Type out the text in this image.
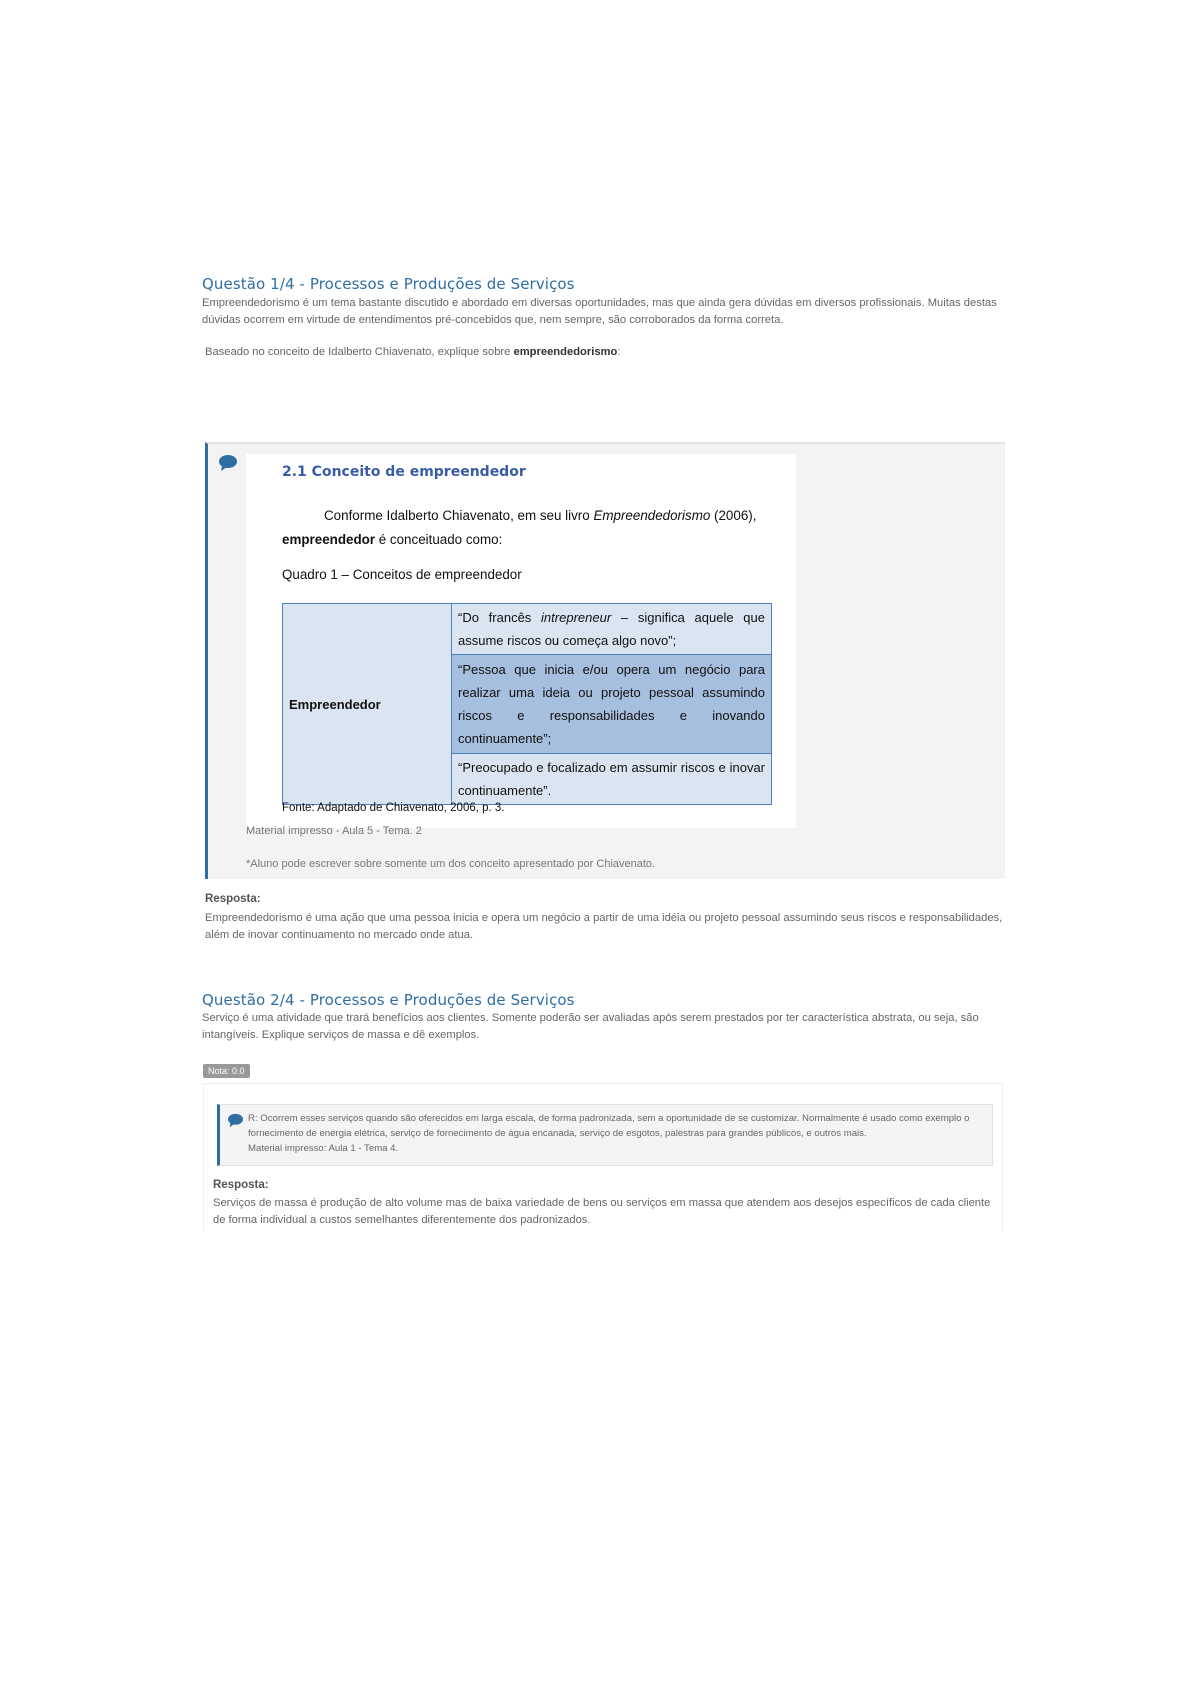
Questão 1/4 - Processos e Produções de Serviços
Empreendedorismo é um tema bastante discutido e abordado em diversas oportunidades, mas que ainda gera dúvidas em diversos profissionais. Muitas destas dúvidas ocorrem em virtude de entendimentos pré-concebidos que, nem sempre, são corroborados da forma correta.
Baseado no conceito de Idalberto Chiavenato, explique sobre empreendedorismo:
2.1 Conceito de empreendedor
Conforme Idalberto Chiavenato, em seu livro Empreendedorismo (2006), empreendedor é conceituado como:
Quadro 1 – Conceitos de empreendedor
Empreendedor	“Do francês intrepreneur – significa aquele que assume riscos ou começa algo novo”;
“Pessoa que inicia e/ou opera um negócio para realizar uma ideia ou projeto pessoal assumindo riscos e responsabilidades e inovando continuamente”;
“Preocupado e focalizado em assumir riscos e inovar continuamente”.
Fonte: Adaptado de Chiavenato, 2006, p. 3.
Material impresso - Aula 5 - Tema. 2
*Aluno pode escrever sobre somente um dos conceito apresentado por Chiavenato.
Resposta:
Empreendedorismo é uma ação que uma pessoa inicia e opera um negócio a partir de uma idéia ou projeto pessoal assumindo seus riscos e responsabilidades, além de inovar continuamento no mercado onde atua.
Questão 2/4 - Processos e Produções de Serviços
Serviço é uma atividade que trará benefícios aos clientes. Somente poderão ser avaliadas após serem prestados por ter característica abstrata, ou seja, são intangíveis. Explique serviços de massa e dê exemplos.
Nota: 0.0
R: Ocorrem esses serviços quando são oferecidos em larga escala, de forma padronizada, sem a oportunidade de se customizar. Normalmente é usado como exemplo o fornecimento de energia elétrica, serviço de fornecimento de água encanada, serviço de esgotos, palestras para grandes públicos, e outros mais.
Material impresso: Aula 1 - Tema 4.
Resposta:
Serviços de massa é produção de alto volume mas de baixa variedade de bens ou serviços em massa que atendem aos desejos específicos de cada cliente de forma individual a custos semelhantes diferentemente dos padronizados.
